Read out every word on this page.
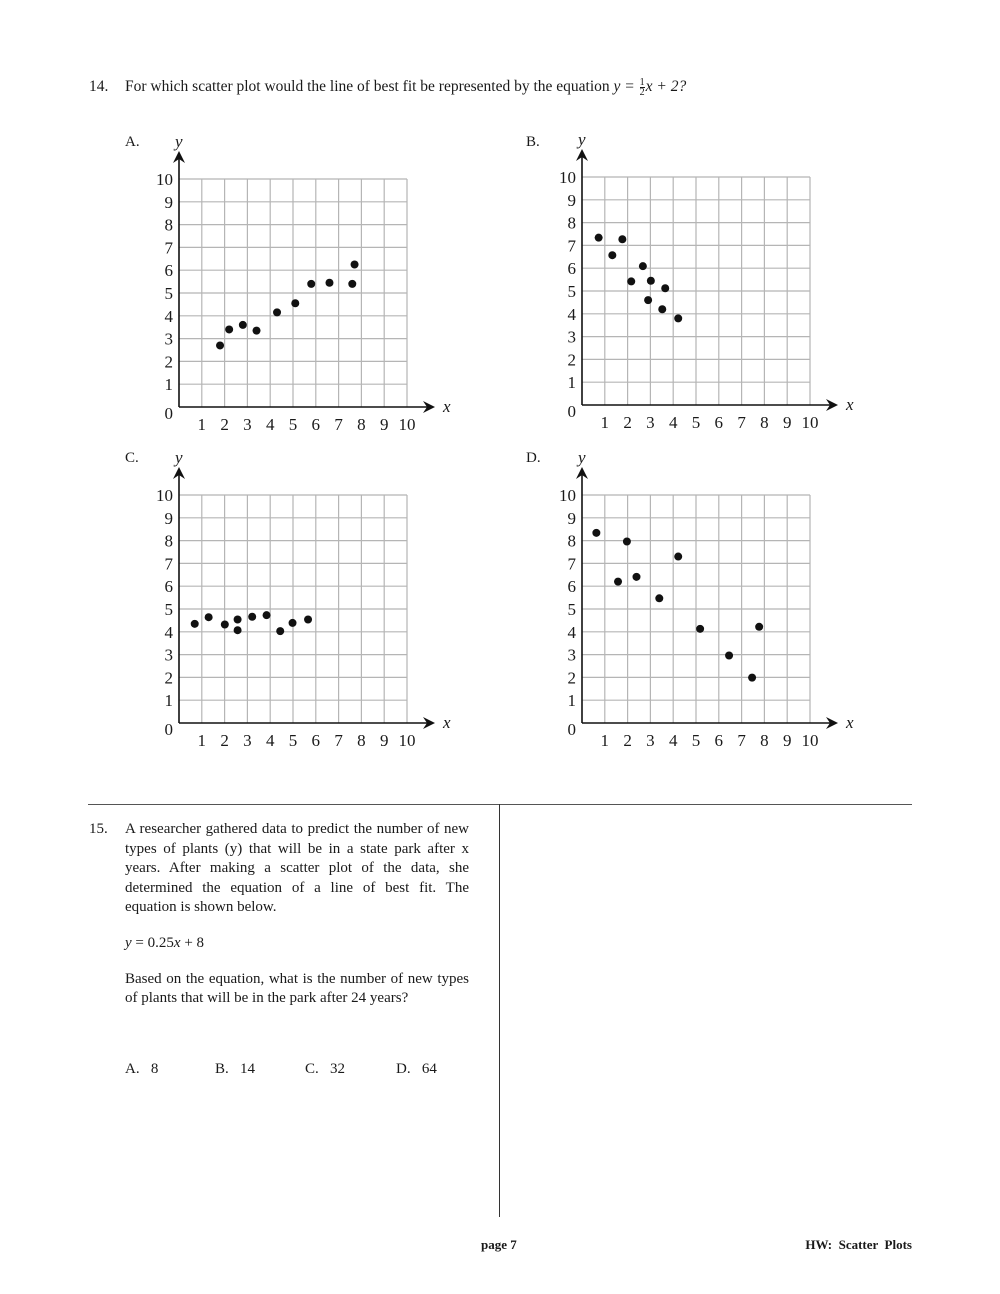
14. For which scatter plot would the line of best fit be represented by the equation $y = \frac{1}{2}$ x + 2?
A.	B.
C.	D.
x
y
1 2 3 4 5 6 7 8 9 10
0
1
2
3
4
5
6
7
8
9
10
x
y
1 2 3 4 5 6 7 8 9 10
0
1
2
3
4
5
6
7
8
9
10
x
y
1 2 3 4 5 6 7 8 9 10
0
1
2
3
4
5
6
7
8
9
10
x
y
1 2 3 4 5 6 7 8 9 10
0
1
2
3
4
5
6
7
8
9
10
15. A researcher gathered data to predict the number of new types of plants (y) that will be in a state park after x years. After making a scatter plot of the data, she determined the equation of a line of best fit. The equation is shown below.
y = 0.25x + 8
Based on the equation, what is the number of new types of plants that will be in the park after 24 years?
A. 8	B. 14	C. 32	D. 64
page 7	HW:  Scatter  Plots
